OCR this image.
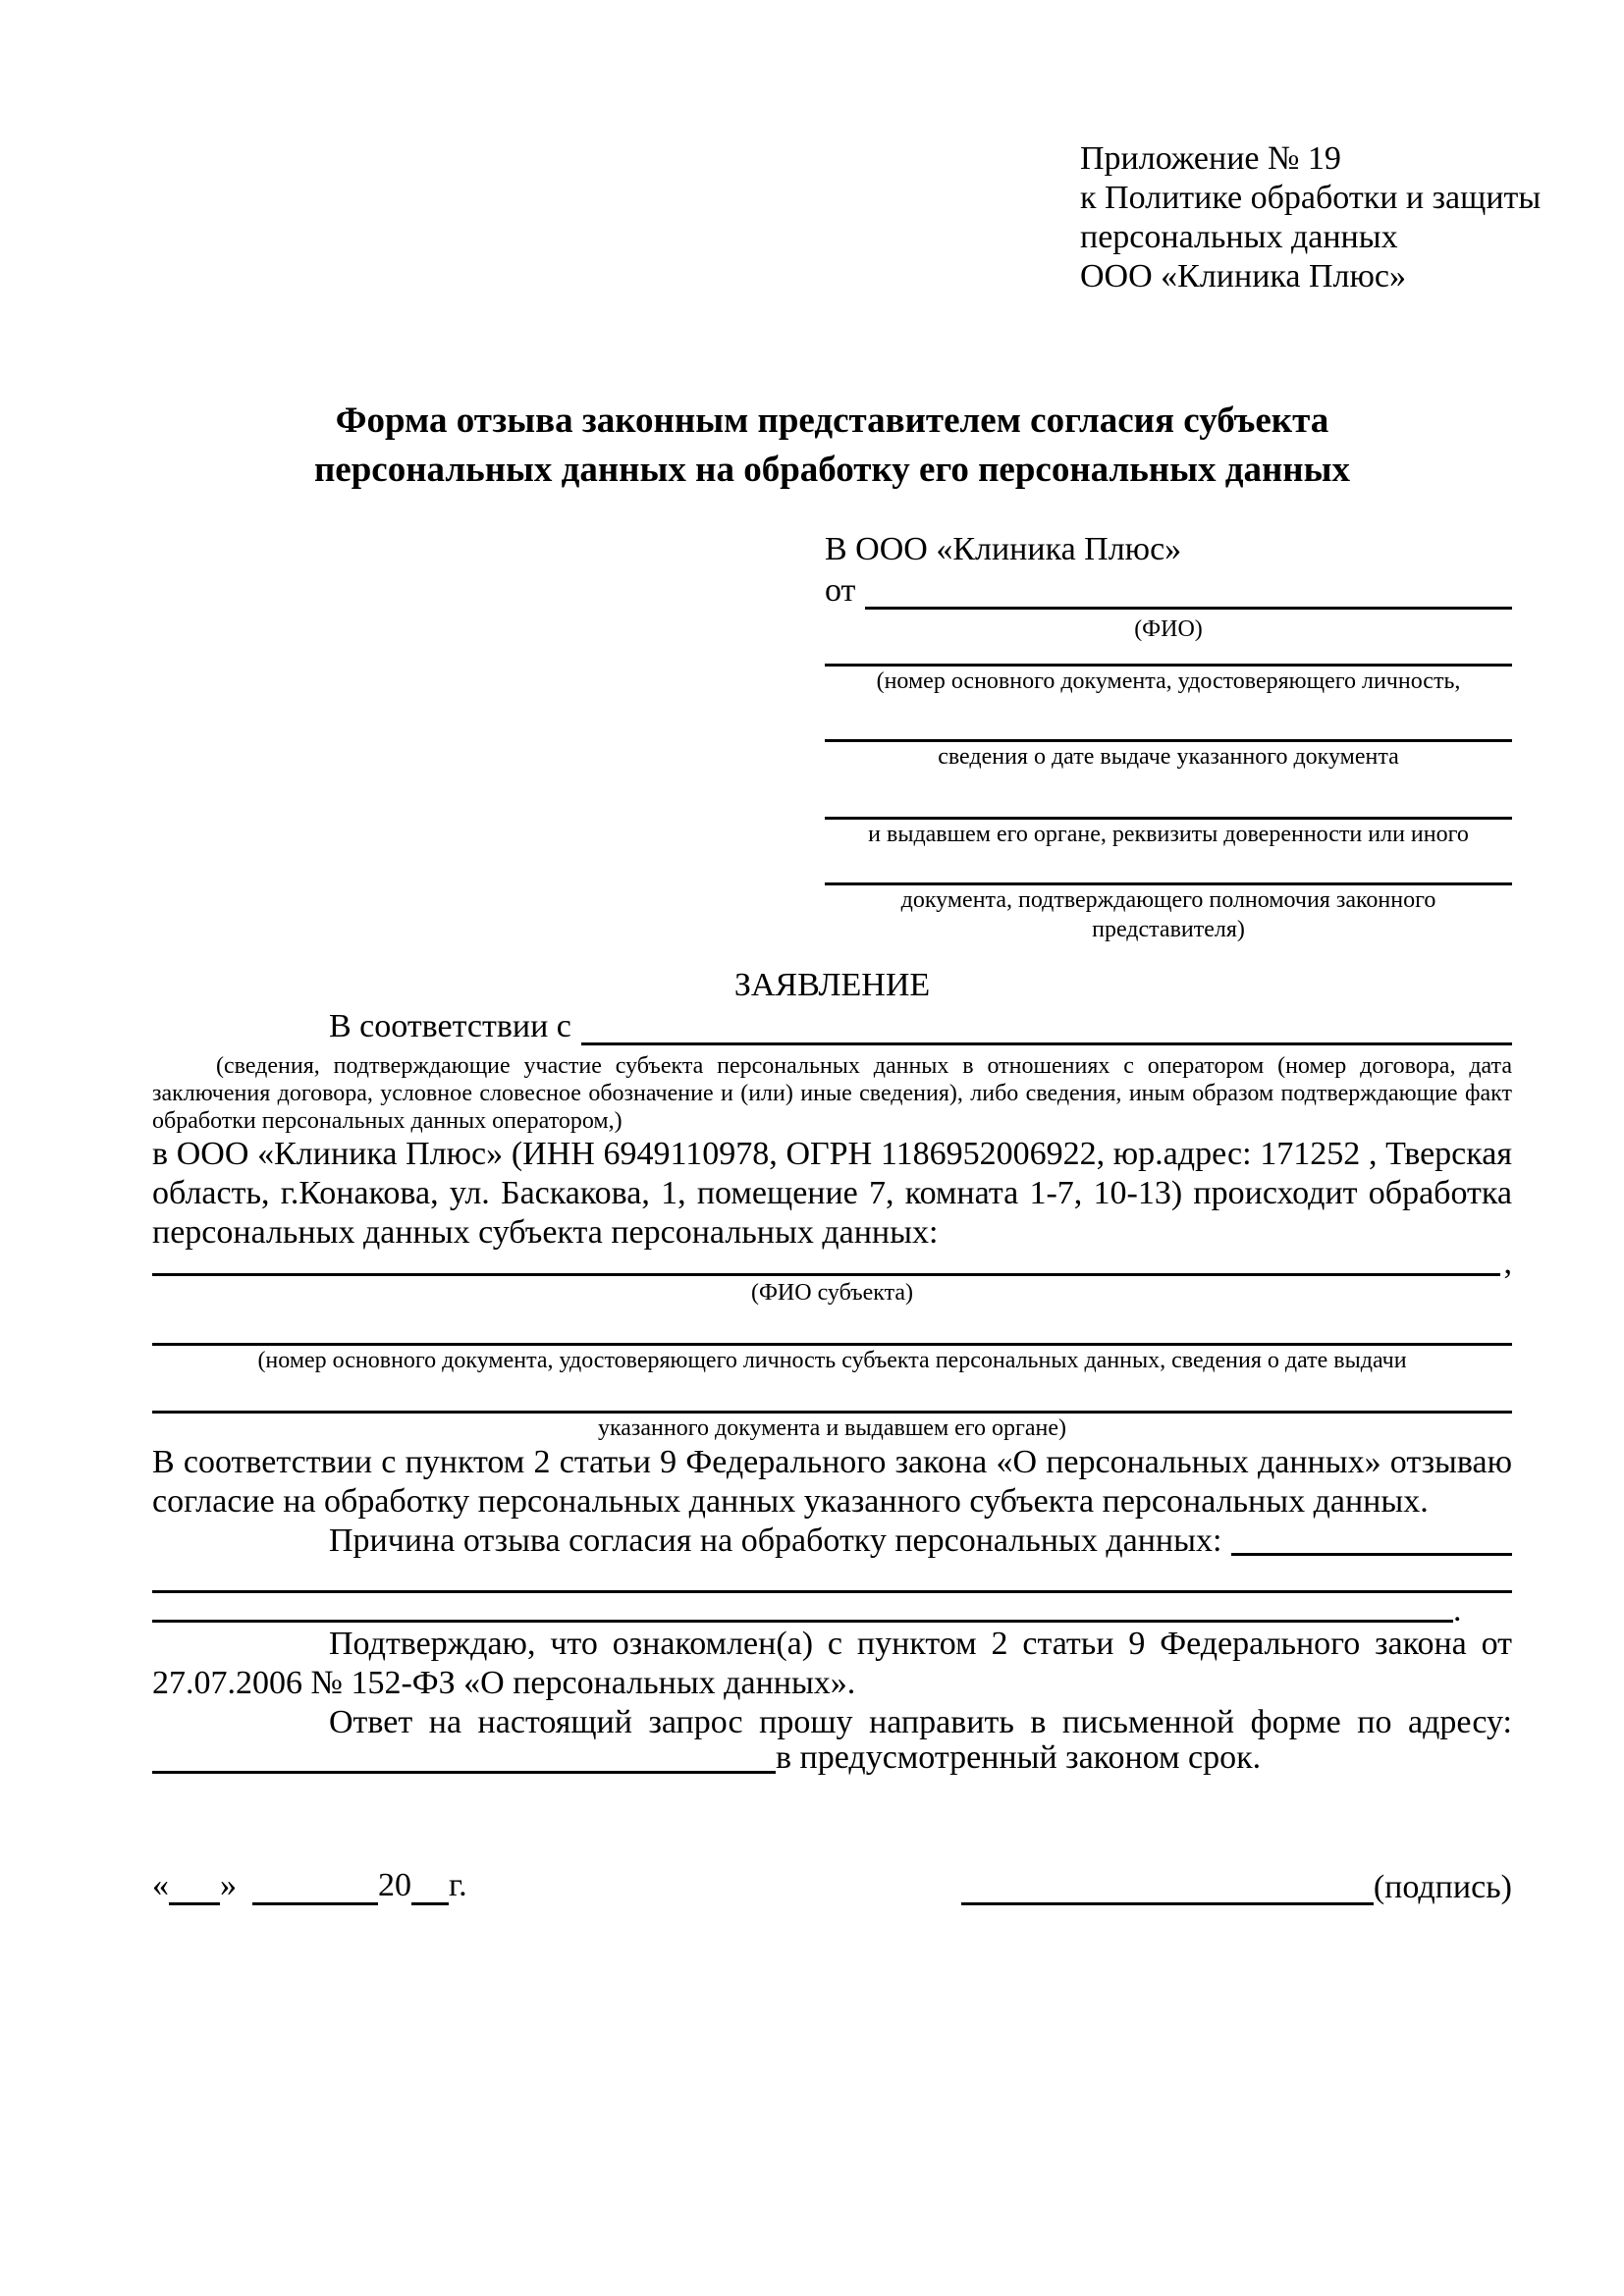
Приложение № 19
к Политике обработки и защиты
персональных данных
ООО «Клиника Плюс»
Форма отзыва законным представителем согласия субъекта
персональных данных на обработку его персональных данных
В ООО «Клиника Плюс»
от
(ФИО)
(номер основного документа, удостоверяющего личность,
сведения о дате выдаче указанного документа
и выдавшем его органе, реквизиты доверенности или иного
документа, подтверждающего полномочия законного представителя)
ЗАЯВЛЕНИЕ
В соответствии с
(сведения, подтверждающие участие субъекта персональных данных в отношениях с оператором (номер договора, дата заключения договора, условное словесное обозначение и (или) иные сведения), либо сведения, иным образом подтверждающие факт обработки персональных данных оператором,)

в ООО «Клиника Плюс» (ИНН 6949110978, ОГРН 1186952006922, юр.адрес: 171252 , Тверская область, г.Конакова, ул. Баскакова, 1, помещение 7, комната 1-7, 10-13) происходит обработка персональных данных субъекта персональных данных:

,
(ФИО субъекта)
(номер основного документа, удостоверяющего личность субъекта персональных данных, сведения о дате выдачи
указанного документа и выдавшем его органе)

В соответствии с пунктом 2 статьи 9 Федерального закона «О персональных данных» отзываю согласие на обработку персональных данных указанного субъекта персональных данных.

Причина отзыва согласия на обработку персональных данных:
.

Подтверждаю, что ознакомлен(а) с пунктом 2 статьи 9 Федерального закона от 27.07.2006 № 152-ФЗ «О персональных данных».

Ответ на настоящий запрос прошу направить в письменной форме по адресу:

в предусмотренный законом срок.
« »	20 г.	(подпись)
